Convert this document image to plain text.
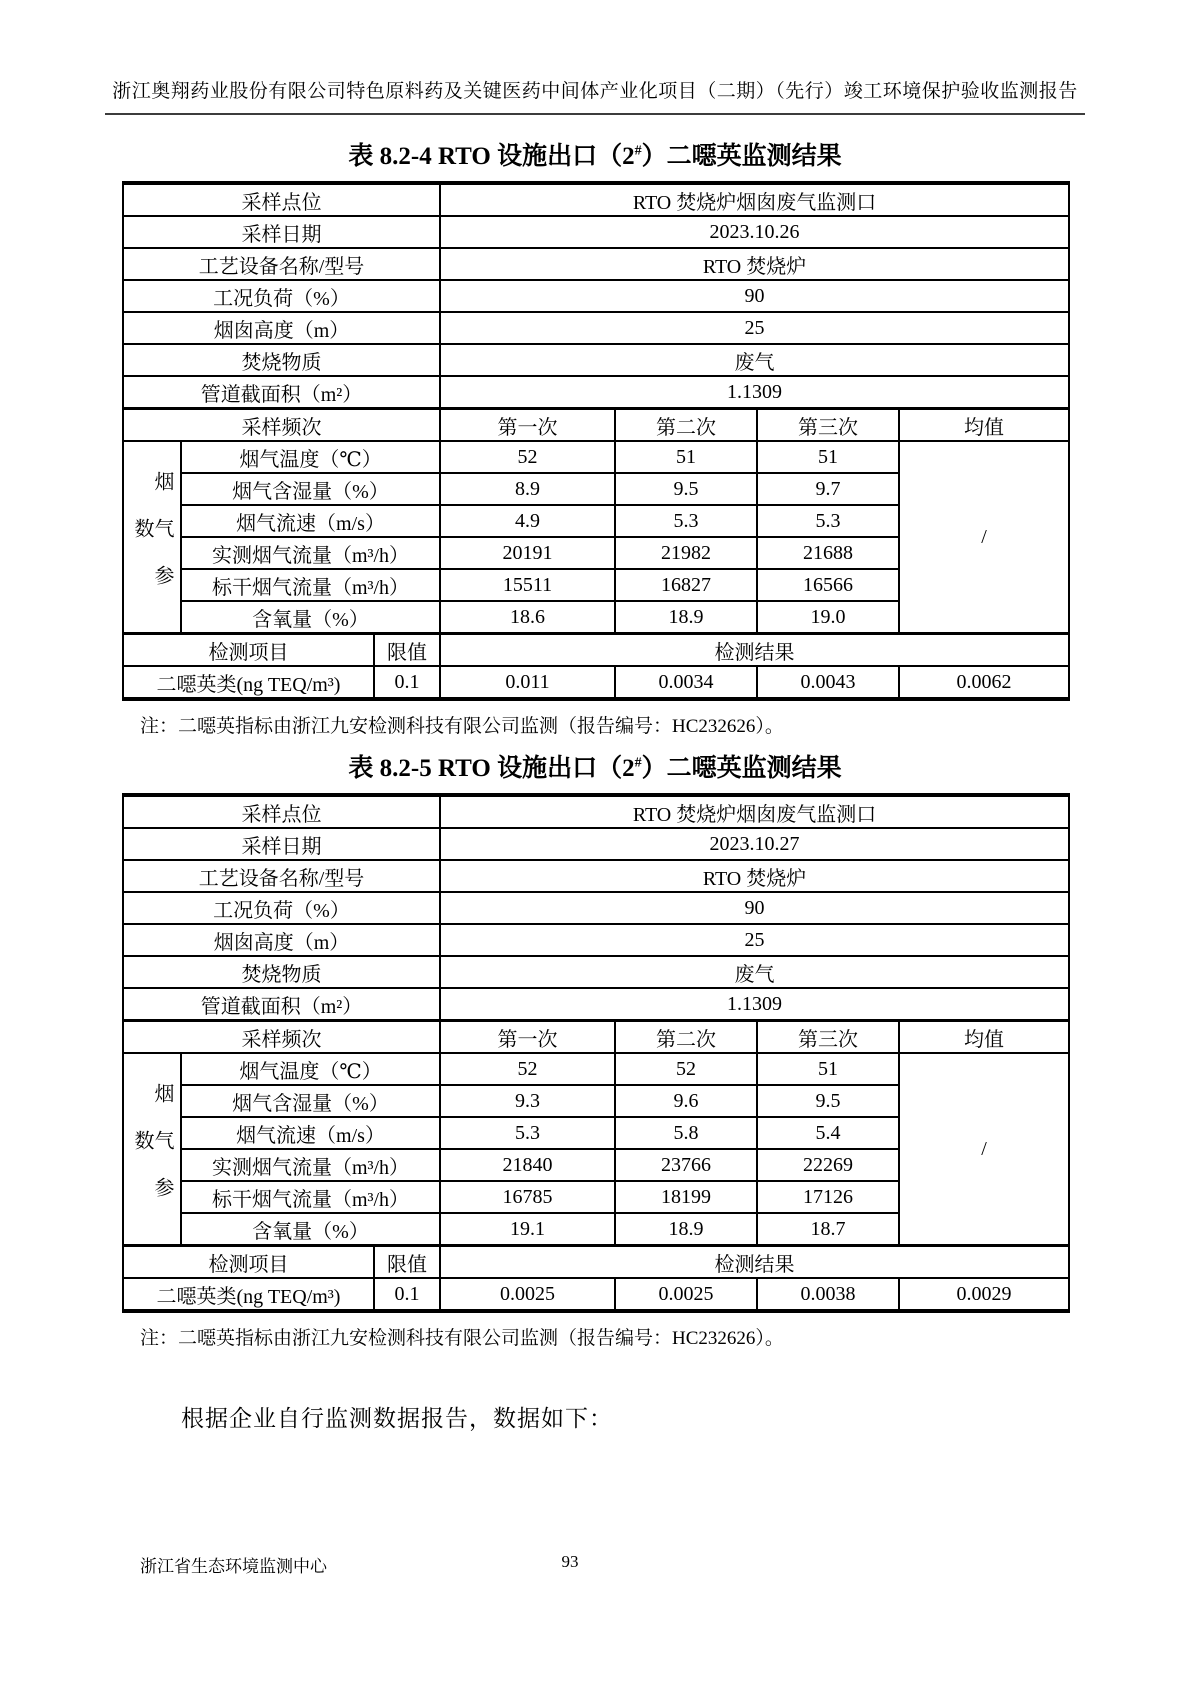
浙江奥翔药业股份有限公司特色原料药及关键医药中间体产业化项目（二期）（先行）竣工环境保护验收监测报告
表 8.2-4 RTO 设施出口（2#）二噁英监测结果
采样点位			RTO 焚烧炉烟囱废气监测口			
采样日期			2023.10.26			
工艺设备名称/型号			RTO 焚烧炉			
工况负荷（%）			90			
烟囱高度（m）			25			
焚烧物质			废气			
管道截面积（m²）			1.1309			
采样频次			第一次	第二次	第三次	均值
烟气参数	烟气温度（℃）		52	51	51	/
	烟气含湿量（%）		8.9	9.5	9.7	
	烟气流速（m/s）		4.9	5.3	5.3	
	实测烟气流量（m³/h）		20191	21982	21688	
	标干烟气流量（m³/h）		15511	16827	16566	
	含氧量（%）		18.6	18.9	19.0	
检测项目		限值	检测结果			
二噁英类(ng TEQ/m³)		0.1	0.011	0.0034	0.0043	0.0062
注：二噁英指标由浙江九安检测科技有限公司监测（报告编号：HC232626）。
表 8.2-5 RTO 设施出口（2#）二噁英监测结果
采样点位			RTO 焚烧炉烟囱废气监测口			
采样日期			2023.10.27			
工艺设备名称/型号			RTO 焚烧炉			
工况负荷（%）			90			
烟囱高度（m）			25			
焚烧物质			废气			
管道截面积（m²）			1.1309			
采样频次			第一次	第二次	第三次	均值
烟气参数	烟气温度（℃）		52	52	51	/
	烟气含湿量（%）		9.3	9.6	9.5	
	烟气流速（m/s）		5.3	5.8	5.4	
	实测烟气流量（m³/h）		21840	23766	22269	
	标干烟气流量（m³/h）		16785	18199	17126	
	含氧量（%）		19.1	18.9	18.7	
检测项目		限值	检测结果			
二噁英类(ng TEQ/m³)		0.1	0.0025	0.0025	0.0038	0.0029
注：二噁英指标由浙江九安检测科技有限公司监测（报告编号：HC232626）。
根据企业自行监测数据报告，数据如下：
93
浙江省生态环境监测中心
